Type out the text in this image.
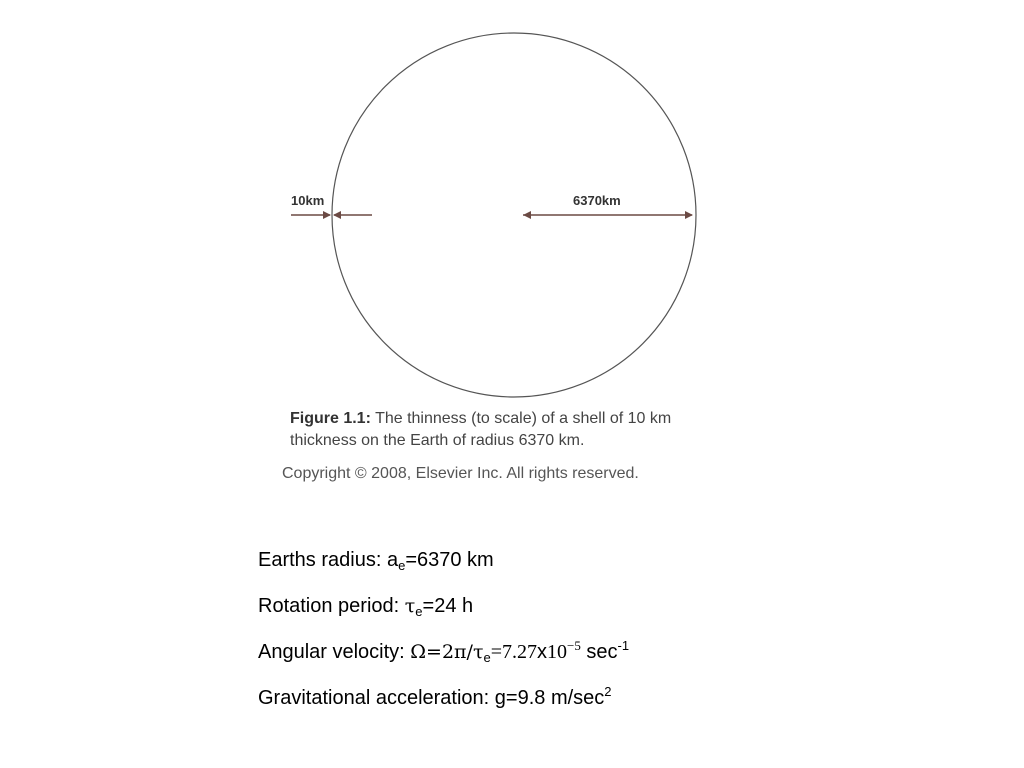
10km	6370km
Figure 1.1: The thinness (to scale) of a shell of 10 km thickness on the Earth of radius 6370 km.
Copyright © 2008, Elsevier Inc. All rights reserved.
Earths radius: $a_e=6370$ km
Rotation period: $\tau_e=24$ h
Angular velocity: $\Omega=2\pi/\tau_e=7.27x10^{-5}$ $\sec^{-1}$
Gravitational acceleration: g=9.8 $m/\sec^2$
